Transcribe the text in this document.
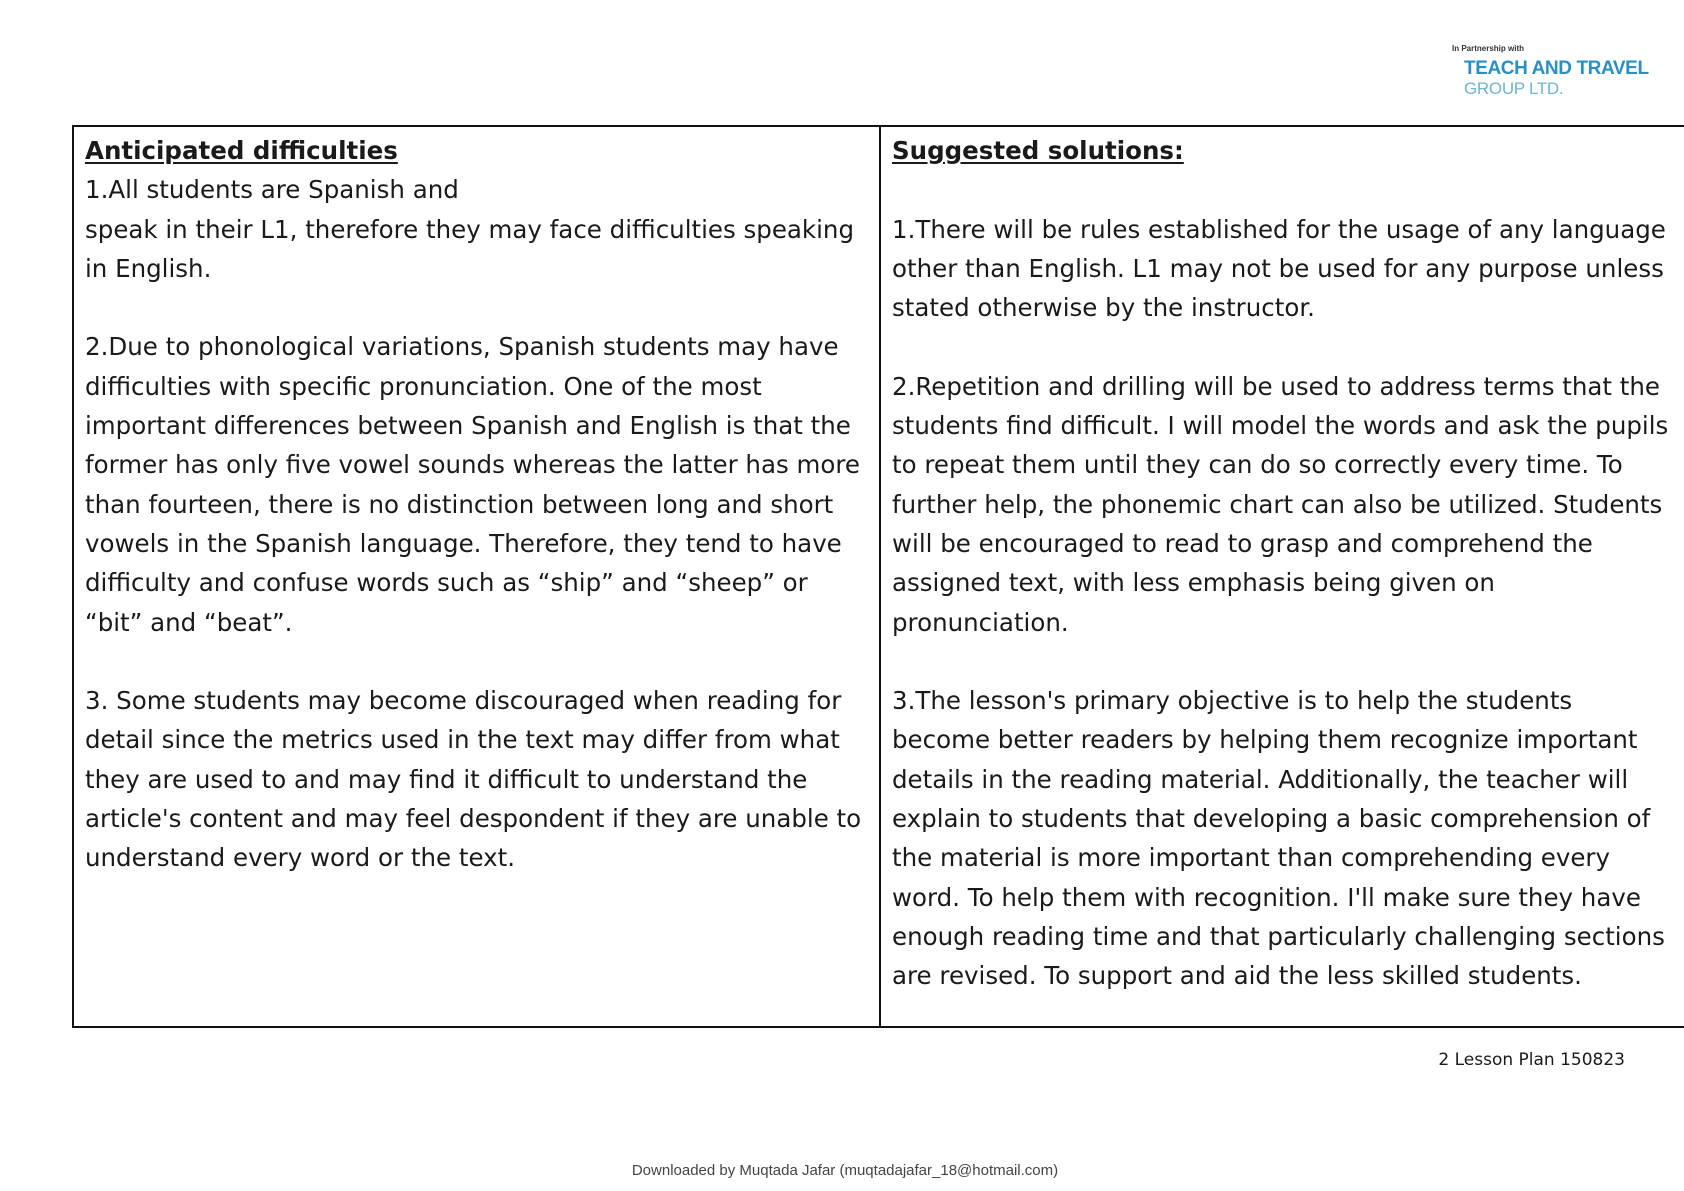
In Partnership with
TEACH AND TRAVEL
GROUP LTD.
Anticipated difficulties
1.All students are Spanish and
speak in their L1, therefore they may face difficulties speaking in English.

2.Due to phonological variations, Spanish students may have difficulties with specific pronunciation. One of the most important differences between Spanish and English is that the former has only five vowel sounds whereas the latter has more than fourteen, there is no distinction between long and short vowels in the Spanish language. Therefore, they tend to have difficulty and confuse words such as “ship” and “sheep” or “bit” and “beat”.

3. Some students may become discouraged when reading for detail since the metrics used in the text may differ from what they are used to and may find it difficult to understand the article's content and may feel despondent if they are unable to understand every word or the text.

Suggested solutions:

1.There will be rules established for the usage of any language other than English. L1 may not be used for any purpose unless stated otherwise by the instructor.

2.Repetition and drilling will be used to address terms that the students find difficult. I will model the words and ask the pupils to repeat them until they can do so correctly every time. To further help, the phonemic chart can also be utilized. Students will be encouraged to read to grasp and comprehend the assigned text, with less emphasis being given on pronunciation.

3.The lesson's primary objective is to help the students become better readers by helping them recognize important details in the reading material. Additionally, the teacher will explain to students that developing a basic comprehension of the material is more important than comprehending every word. To help them with recognition. I'll make sure they have enough reading time and that particularly challenging sections are revised. To support and aid the less skilled students.
2 Lesson Plan 150823
Downloaded by Muqtada Jafar (muqtadajafar_18@hotmail.com)
